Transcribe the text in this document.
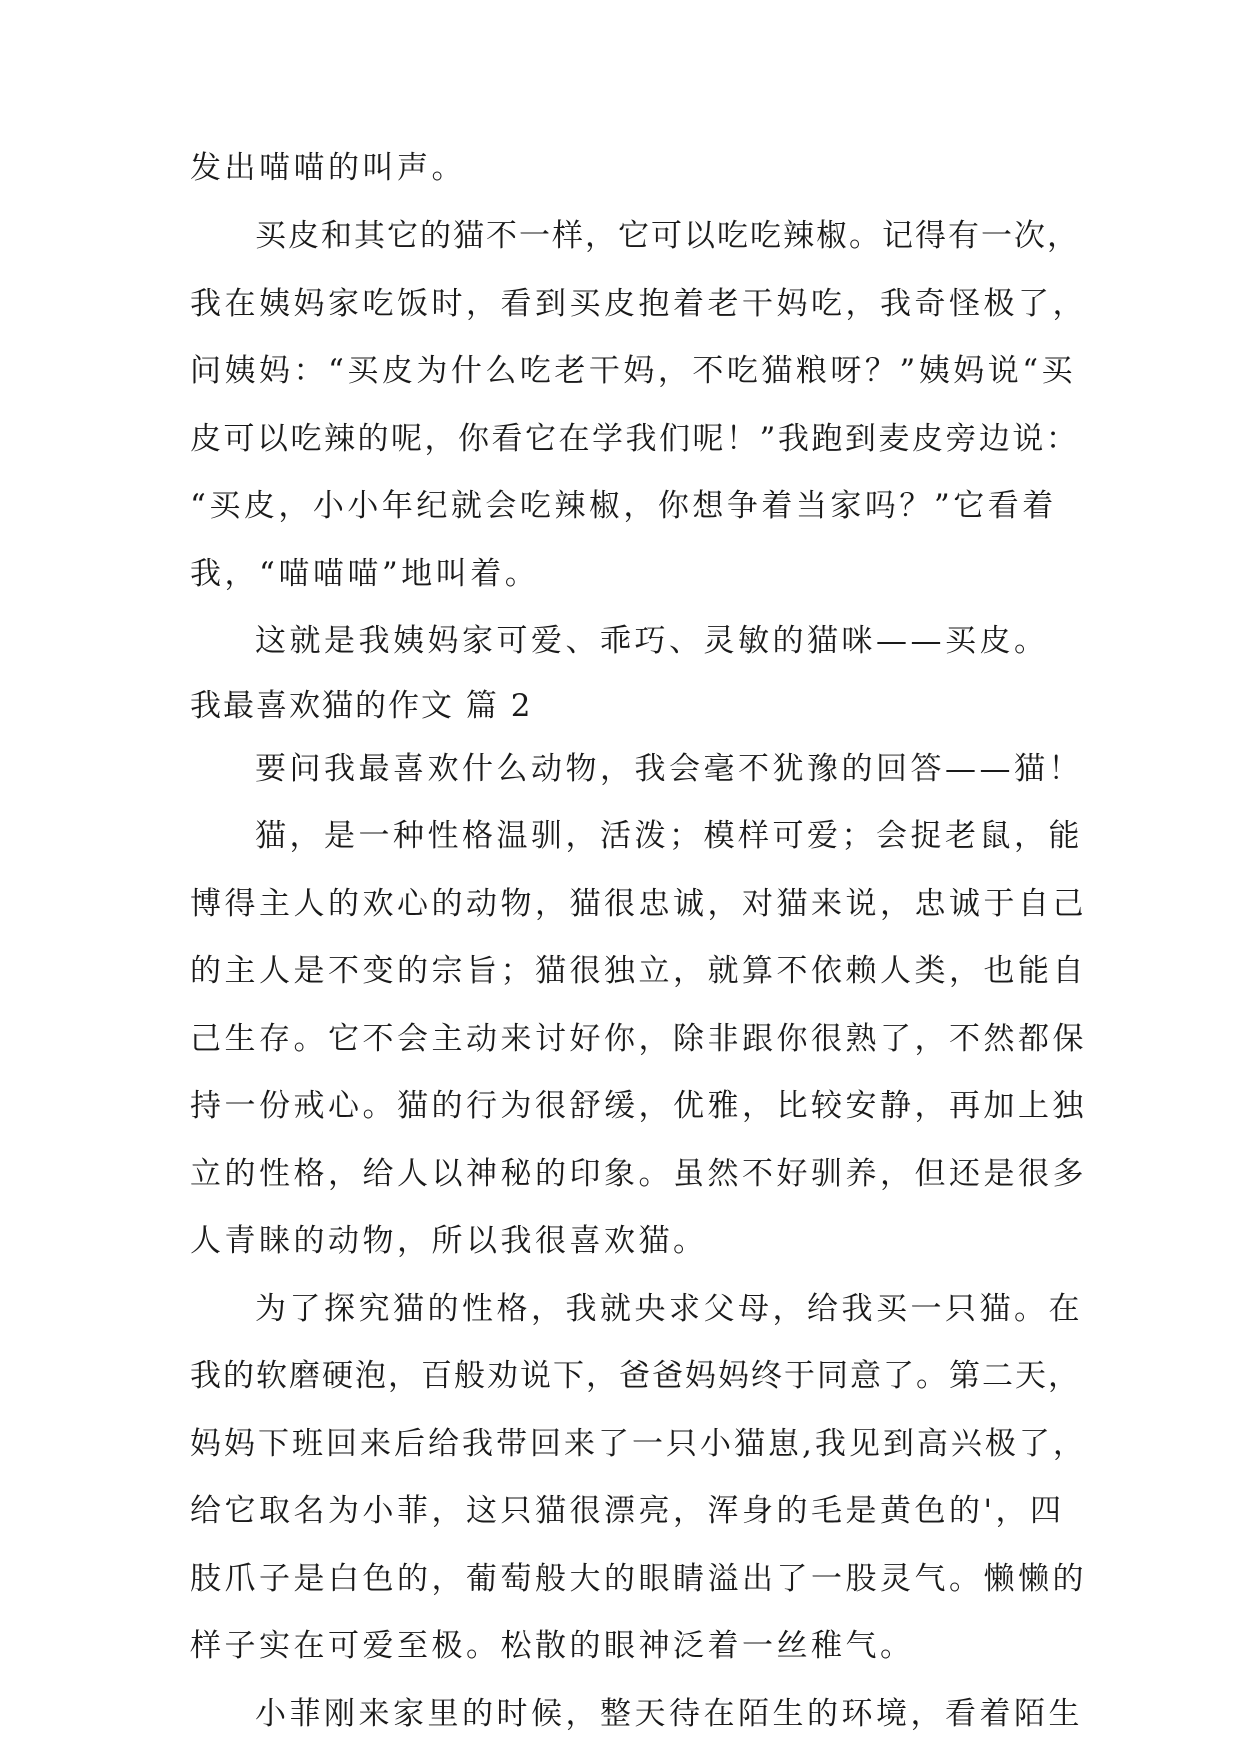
发出喵喵的叫声。
买皮和其它的猫不一样，它可以吃吃辣椒。记得有一次，
我在姨妈家吃饭时，看到买皮抱着老干妈吃，我奇怪极了，
问姨妈：“买皮为什么吃老干妈，不吃猫粮呀？”姨妈说“买
皮可以吃辣的呢，你看它在学我们呢！”我跑到麦皮旁边说：
“买皮，小小年纪就会吃辣椒，你想争着当家吗？”它看着
我，“喵喵喵”地叫着。
这就是我姨妈家可爱、乖巧、灵敏的猫咪——买皮。
我最喜欢猫的作文 篇 2
要问我最喜欢什么动物，我会毫不犹豫的回答——猫！
猫，是一种性格温驯，活泼；模样可爱；会捉老鼠，能
博得主人的欢心的动物，猫很忠诚，对猫来说，忠诚于自己
的主人是不变的宗旨；猫很独立，就算不依赖人类，也能自
己生存。它不会主动来讨好你，除非跟你很熟了，不然都保
持一份戒心。猫的行为很舒缓，优雅，比较安静，再加上独
立的性格，给人以神秘的印象。虽然不好驯养，但还是很多
人青睐的动物，所以我很喜欢猫。
为了探究猫的性格，我就央求父母，给我买一只猫。在
我的软磨硬泡，百般劝说下，爸爸妈妈终于同意了。第二天，
妈妈下班回来后给我带回来了一只小猫崽,我见到高兴极了，
给它取名为小菲，这只猫很漂亮，浑身的毛是黄色的'，四
肢爪子是白色的，葡萄般大的眼睛溢出了一股灵气。懒懒的
样子实在可爱至极。松散的眼神泛着一丝稚气。
小菲刚来家里的时候，整天待在陌生的环境，看着陌生
